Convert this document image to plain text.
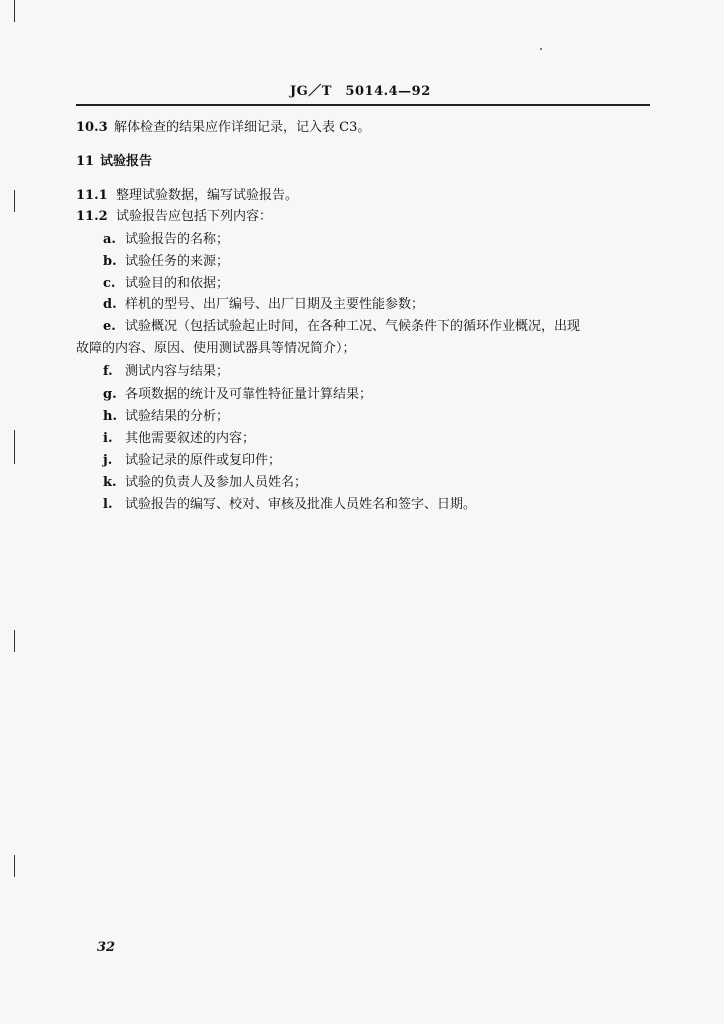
JG／T　5014.4—92
10.3 解体检查的结果应作详细记录，记入表 C3。
11 试验报告
11.1 整理试验数据，编写试验报告。
11.2 试验报告应包括下列内容：
a. 试验报告的名称；
b. 试验任务的来源；
c. 试验目的和依据；
d. 样机的型号、出厂编号、出厂日期及主要性能参数；
e. 试验概况（包括试验起止时间，在各种工况、气候条件下的循环作业概况，出现
故障的内容、原因、使用测试器具等情况简介）；
f. 测试内容与结果；
g. 各项数据的统计及可靠性特征量计算结果；
h. 试验结果的分析；
i. 其他需要叙述的内容；
j. 试验记录的原件或复印件；
k. 试验的负责人及参加人员姓名；
l. 试验报告的编写、校对、审核及批准人员姓名和签字、日期。
32
